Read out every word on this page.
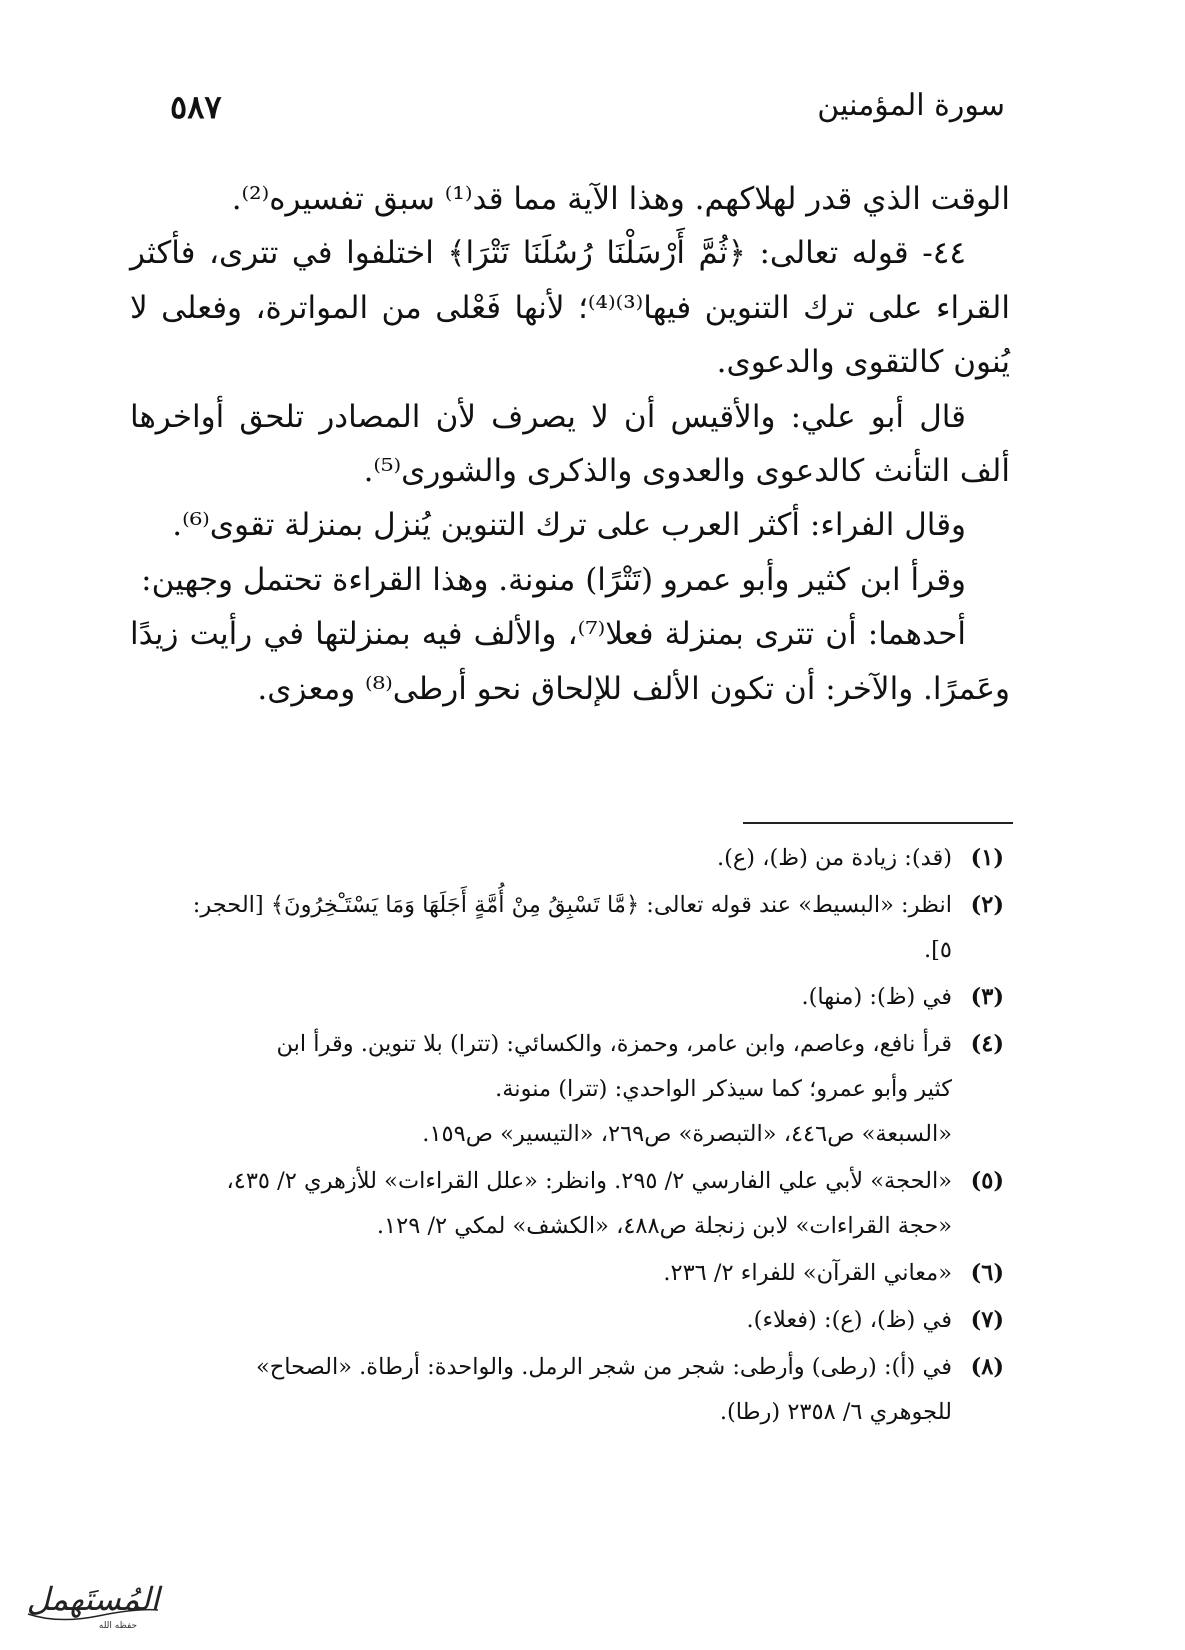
سورة المؤمنين
٥٨٧

الوقت الذي قدر لهلاكهم. وهذا الآية مما قد⁽¹⁾ سبق تفسيره⁽²⁾.

٤٤- قوله تعالى: ﴿ثُمَّ أَرْسَلْنَا رُسُلَنَا تَتْرَا﴾ اختلفوا في تترى، فأكثر القراء على ترك التنوين فيها⁽³⁾⁽⁴⁾؛ لأنها فَعْلى من المواترة، وفعلى لا يُنون كالتقوى والدعوى.

قال أبو علي: والأقيس أن لا يصرف لأن المصادر تلحق أواخرها ألف التأنث كالدعوى والعدوى والذكرى والشورى⁽⁵⁾.

وقال الفراء: أكثر العرب على ترك التنوين يُنزل بمنزلة تقوى⁽⁶⁾.

وقرأ ابن كثير وأبو عمرو (تَتْرًا) منونة. وهذا القراءة تحتمل وجهين:

أحدهما: أن تترى بمنزلة فعلا⁽⁷⁾، والألف فيه بمنزلتها في رأيت زيدًا وعَمرًا. والآخر: أن تكون الألف للإلحاق نحو أرطى⁽⁸⁾ ومعزى.

(١)
(قد): زيادة من (ظ)، (ع).
(٢)
انظر: «البسيط» عند قوله تعالى: ﴿مَّا تَسْبِقُ مِنْ أُمَّةٍ أَجَلَهَا وَمَا يَسْتَـْخِرُونَ﴾ [الحجر:
٥].
(٣)
في (ظ): (منها).
(٤)
قرأ نافع، وعاصم، وابن عامر، وحمزة، والكسائي: (تترا) بلا تنوين. وقرأ ابن
كثير وأبو عمرو؛ كما سيذكر الواحدي: (تترا) منونة.
«السبعة» ص٤٤٦، «التبصرة» ص٢٦٩، «التيسير» ص١٥٩.
(٥)
«الحجة» لأبي علي الفارسي ٢/ ٢٩٥. وانظر: «علل القراءات» للأزهري ٢/ ٤٣٥،
«حجة القراءات» لابن زنجلة ص٤٨٨، «الكشف» لمكي ٢/ ١٢٩.
(٦)
«معاني القرآن» للفراء ٢/ ٢٣٦.
(٧)
في (ظ)، (ع): (فعلاء).
(٨)
في (أ): (رطى) وأرطى: شجر من شجر الرمل. والواحدة: أرطاة. «الصحاح»
للجوهري ٦/ ٢٣٥٨ (رطا).
المُستَهمل
حفظه الله
